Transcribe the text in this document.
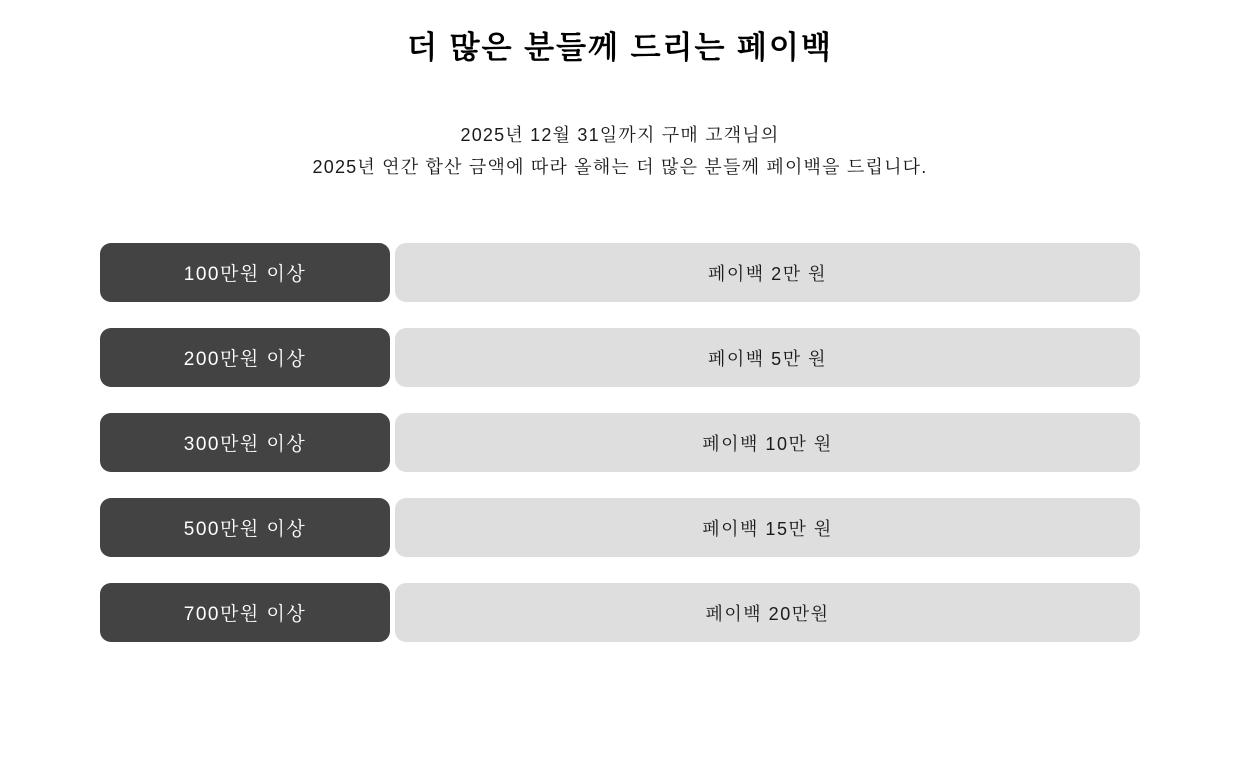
더 많은 분들께 드리는 페이백
2025년 12월 31일까지 구매 고객님의
2025년 연간 합산 금액에 따라 올해는 더 많은 분들께 페이백을 드립니다.
100만원 이상	페이백 2만 원
200만원 이상	페이백 5만 원
300만원 이상	페이백 10만 원
500만원 이상	페이백 15만 원
700만원 이상	페이백 20만원
